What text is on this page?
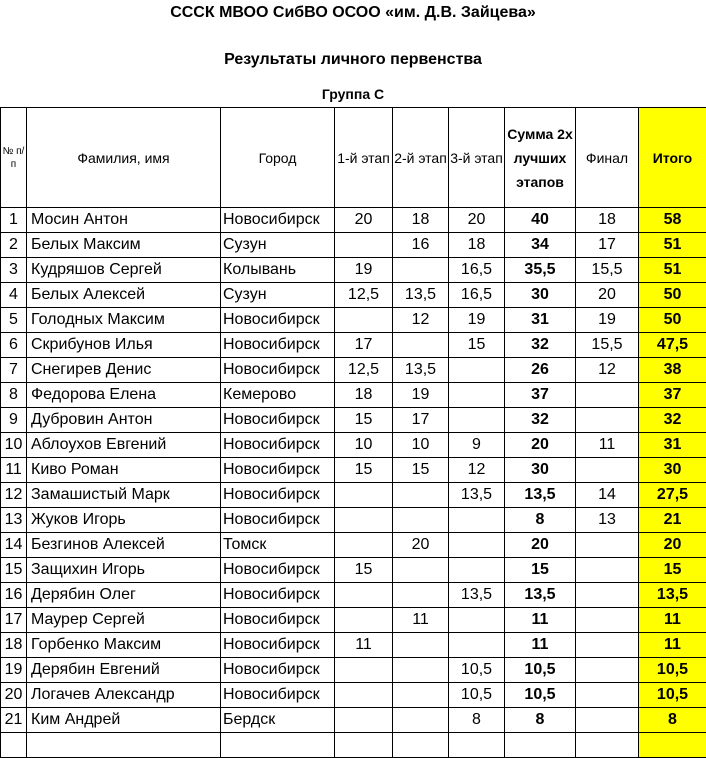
СССК МВОО СибВО ОСОО «им. Д.В. Зайцева»
Результаты личного первенства
Группа С
№ п/п	Фамилия, имя	Город	1-й этап	2-й этап	3-й этап	Сумма 2х лучших этапов	Финал	Итого
1	Мосин Антон	Новосибирск	20	18	20	40	18	58
2	Белых Максим	Сузун		16	18	34	17	51
3	Кудряшов Сергей	Колывань	19		16,5	35,5	15,5	51
4	Белых Алексей	Сузун	12,5	13,5	16,5	30	20	50
5	Голодных Максим	Новосибирск		12	19	31	19	50
6	Скрибунов Илья	Новосибирск	17		15	32	15,5	47,5
7	Снегирев Денис	Новосибирск	12,5	13,5		26	12	38
8	Федорова Елена	Кемерово	18	19		37		37
9	Дубровин Антон	Новосибирск	15	17		32		32
10	Аблоухов Евгений	Новосибирск	10	10	9	20	11	31
11	Киво Роман	Новосибирск	15	15	12	30		30
12	Замашистый Марк	Новосибирск			13,5	13,5	14	27,5
13	Жуков Игорь	Новосибирск				8	13	21
14	Безгинов Алексей	Томск		20		20		20
15	Защихин Игорь	Новосибирск	15			15		15
16	Дерябин Олег	Новосибирск			13,5	13,5		13,5
17	Маурер Сергей	Новосибирск		11		11		11
18	Горбенко Максим	Новосибирск	11			11		11
19	Дерябин Евгений	Новосибирск			10,5	10,5		10,5
20	Логачев Александр	Новосибирск			10,5	10,5		10,5
21	Ким Андрей	Бердск			8	8		8
